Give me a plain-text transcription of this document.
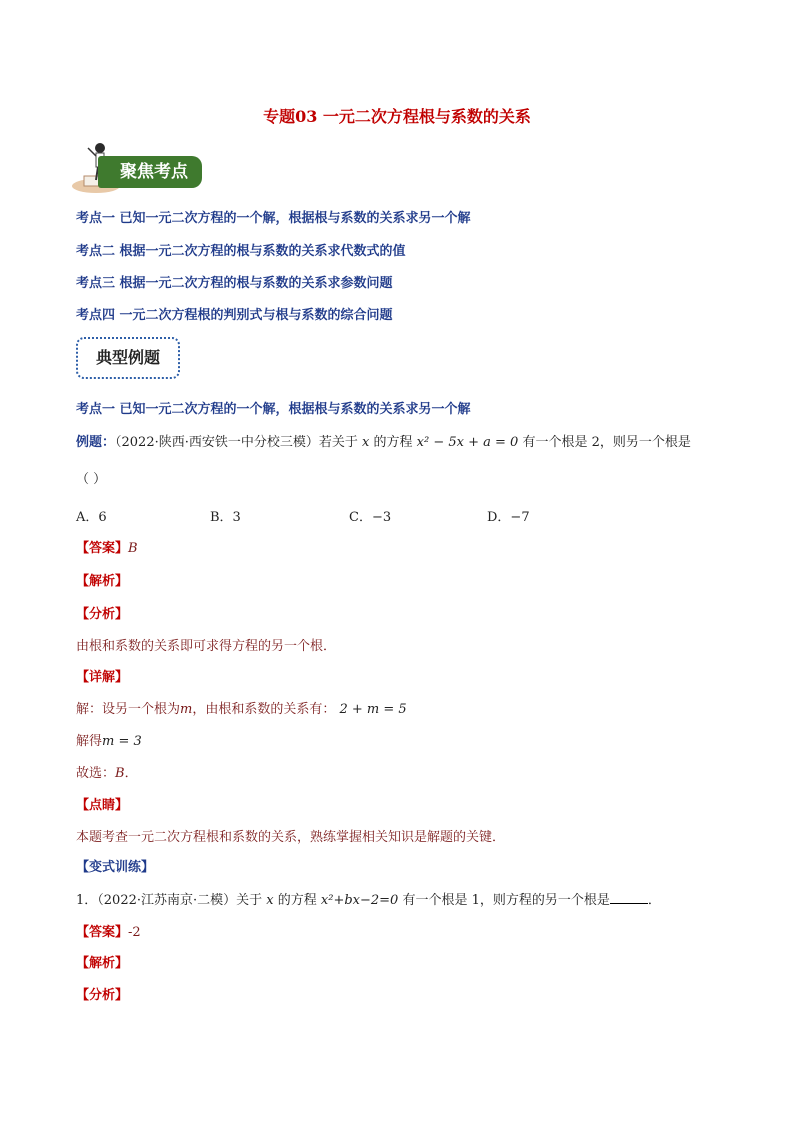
专题03 一元二次方程根与系数的关系
聚焦考点
考点一 已知一元二次方程的一个解，根据根与系数的关系求另一个解
考点二 根据一元二次方程的根与系数的关系求代数式的值
考点三 根据一元二次方程的根与系数的关系求参数问题
考点四 一元二次方程根的判别式与根与系数的综合问题
典型例题
考点一 已知一元二次方程的一个解，根据根与系数的关系求另一个解
例题：（2022·陕西·西安铁一中分校三模）若关于 x 的方程 x² − 5x + a = 0 有一个根是 2，则另一个根是
（ ）
A．6	B．3	C．−3	D．−7
【答案】B
【解析】
【分析】
由根和系数的关系即可求得方程的另一个根．
【详解】
解：设另一个根为m，由根和系数的关系有： 2 + m = 5
解得m = 3
故选：B．
【点睛】
本题考查一元二次方程根和系数的关系，熟练掌握相关知识是解题的关键．
【变式训练】
1．（2022·江苏南京·二模）关于 x 的方程 x²+bx−2=0 有一个根是 1，则方程的另一个根是	．
【答案】-2
【解析】
【分析】
